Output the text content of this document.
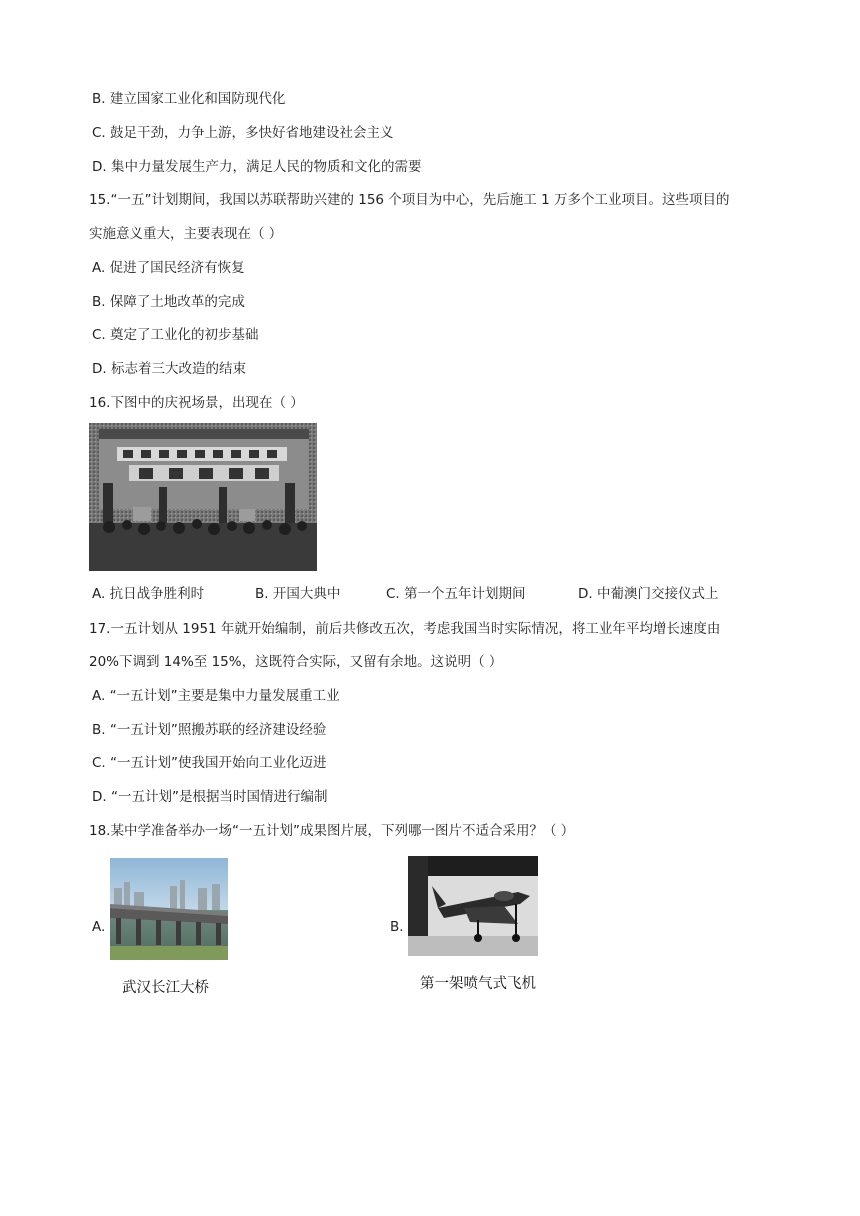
B. 建立国家工业化和国防现代化
C. 鼓足干劲，力争上游，多快好省地建设社会主义
D. 集中力量发展生产力，满足人民的物质和文化的需要
15.“一五”计划期间，我国以苏联帮助兴建的 156 个项目为中心，先后施工 1 万多个工业项目。这些项目的
实施意义重大，主要表现在（ ）
A. 促进了国民经济有恢复
B. 保障了土地改革的完成
C. 奠定了工业化的初步基础
D. 标志着三大改造的结束
16.下图中的庆祝场景，出现在（ ）
A. 抗日战争胜利时	B. 开国大典中	C. 第一个五年计划期间	D. 中葡澳门交接仪式上
17.一五计划从 1951 年就开始编制，前后共修改五次，考虑我国当时实际情况，将工业年平均增长速度由
20%下调到 14%至 15%，这既符合实际，又留有余地。这说明（ ）
A. “一五计划”主要是集中力量发展重工业
B. “一五计划”照搬苏联的经济建设经验
C. “一五计划”使我国开始向工业化迈进
D. “一五计划”是根据当时国情进行编制
18.某中学准备举办一场“一五计划”成果图片展，下列哪一图片不适合采用？（ ）
A.
武汉长江大桥
B.
第一架喷气式飞机
